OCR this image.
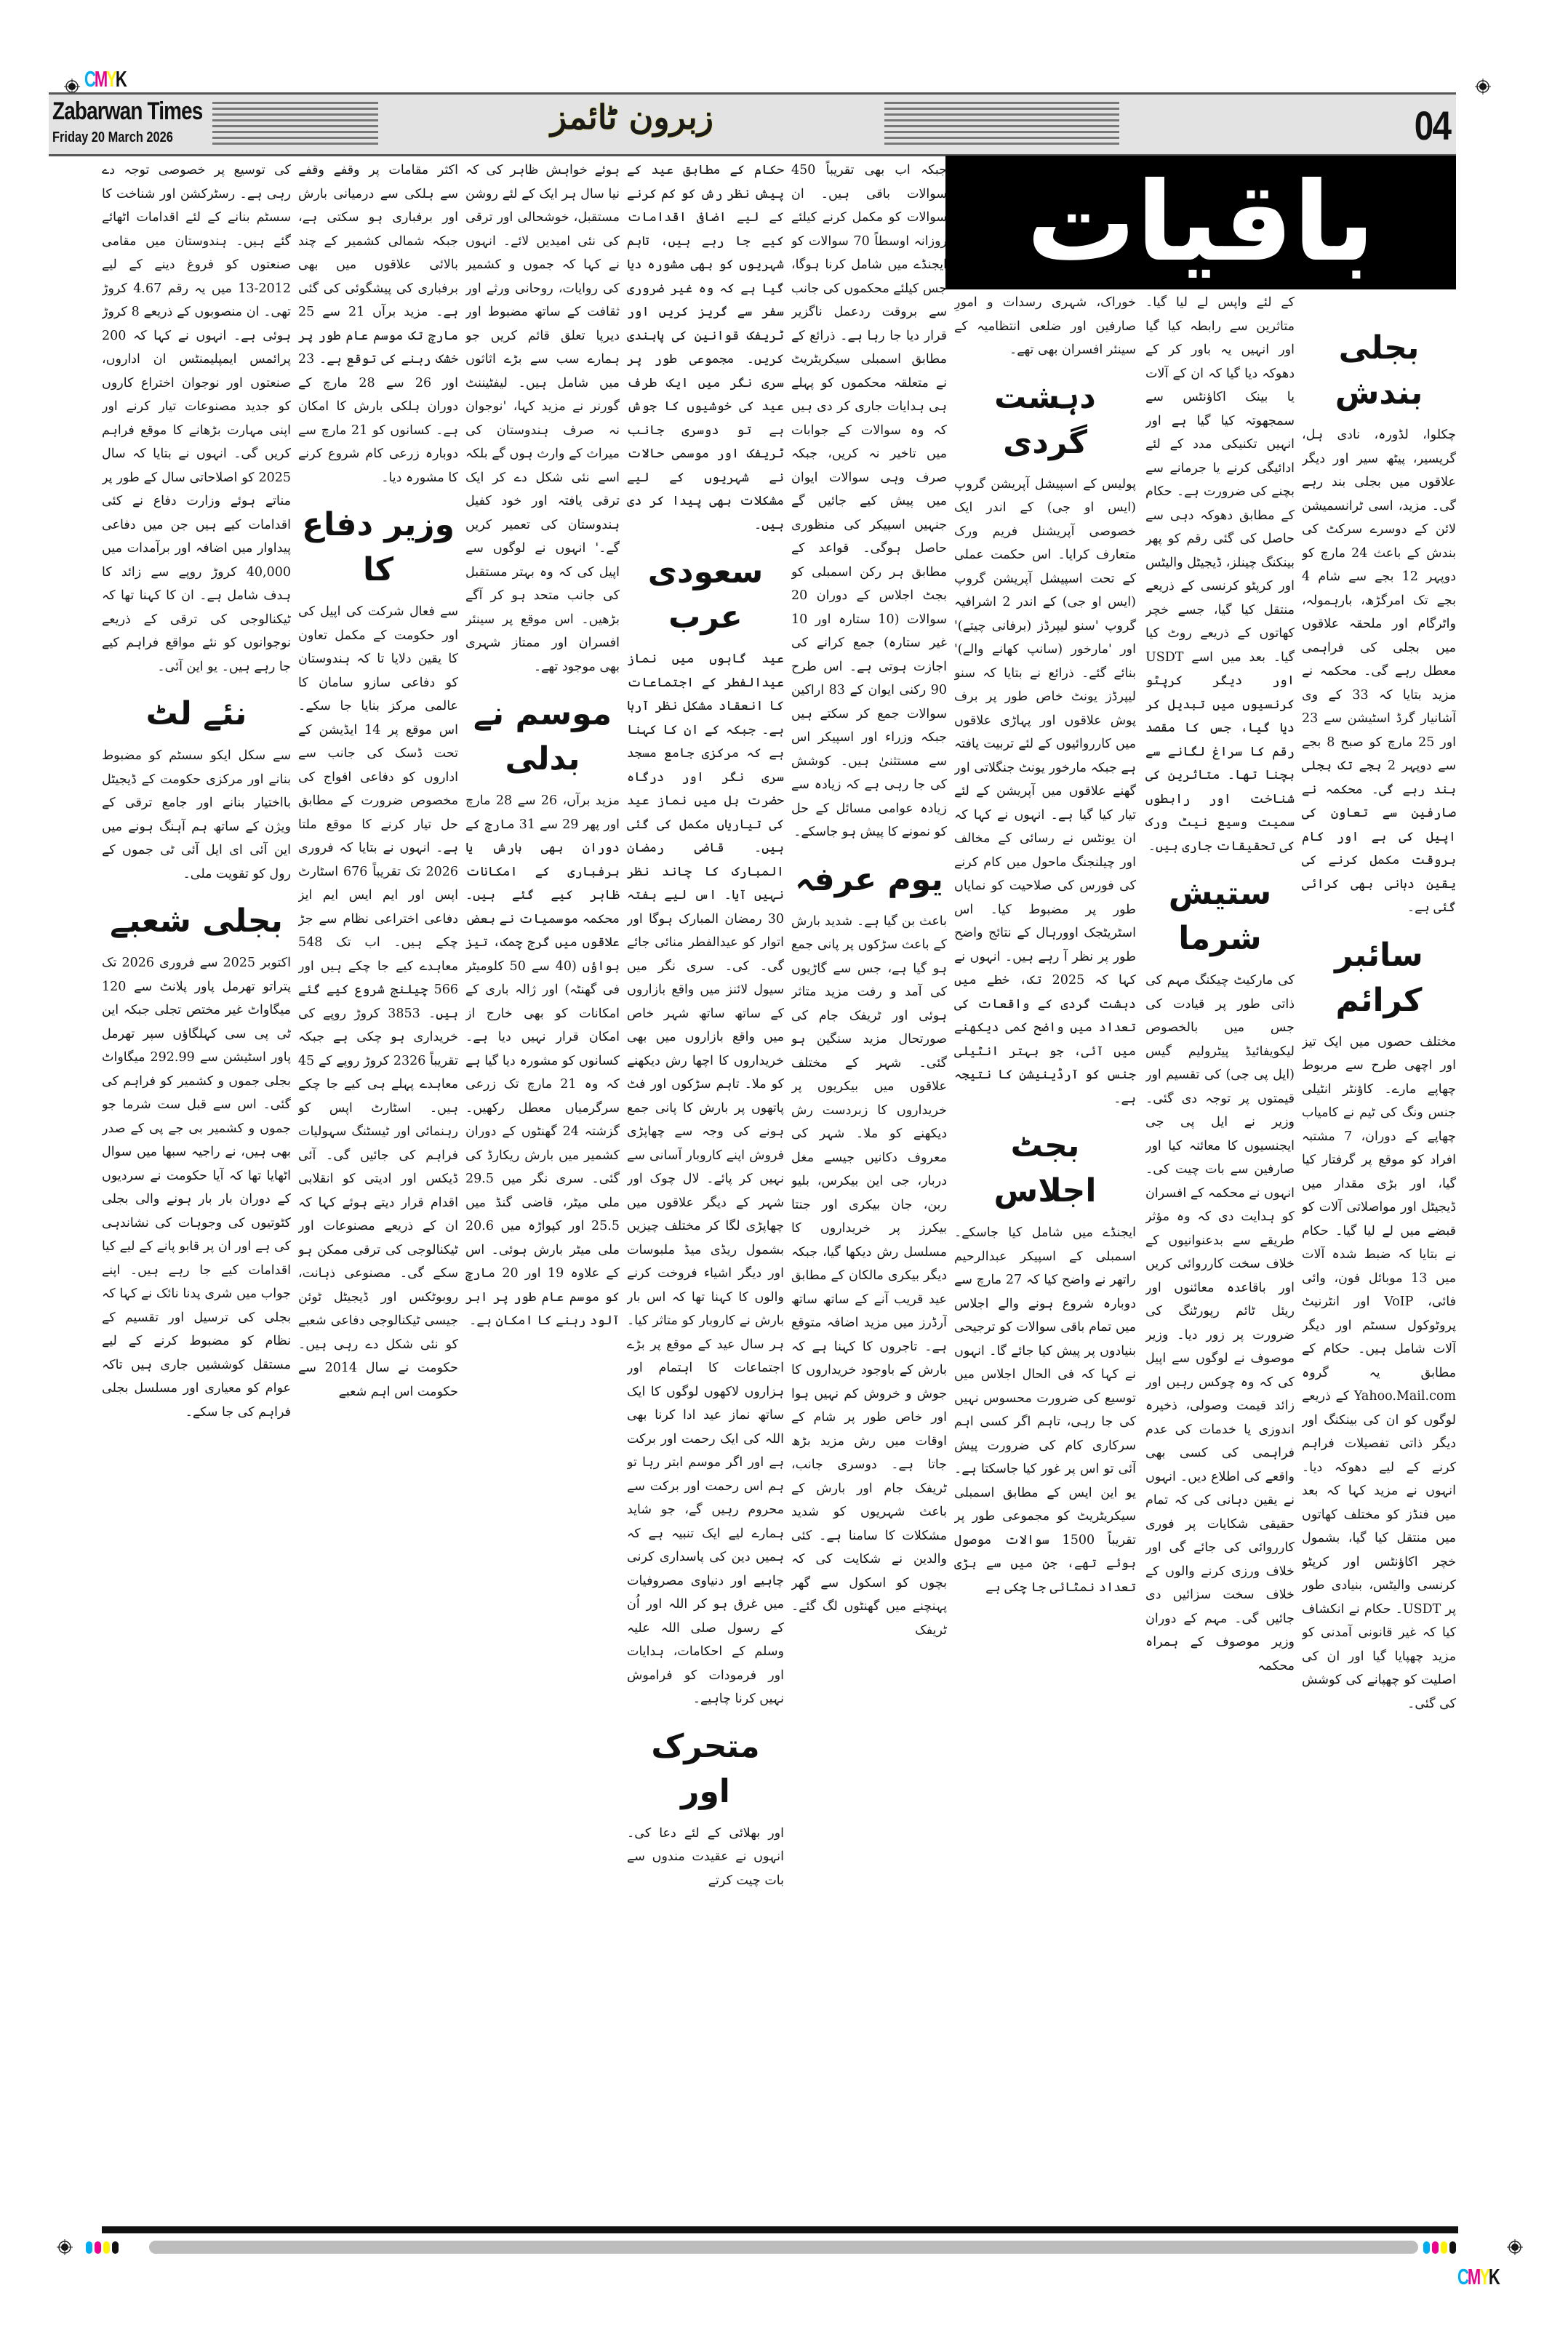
CMYK
Zabarwan Times
Friday 20 March 2026
زبرون ٹائمز	04
باقیات
بجلی بندش

چکلوا، لڈورہ، نادی ہل، گریسیر، پیٹھ سیر اور دیگر علاقوں میں بجلی بند رہے گی۔ مزید، اسی ٹرانسمیشن لائن کے دوسرے سرکٹ کی بندش کے باعث 24 مارچ کو دوپہر 12 بجے سے شام 4 بجے تک امرگڑھ، بارہمولہ، واٹرگام اور ملحقہ علاقوں میں بجلی کی فراہمی معطل رہے گی۔ محکمہ نے مزید بتایا کہ 33 کے وی آشانیار گرڈ اسٹیشن سے 23 اور 25 مارچ کو صبح 8 بجے سے دوپہر 2 بجے تک بجلی بند رہے گی۔ محکمہ نے صارفین سے تعاون کی اپیل کی ہے اور کام بروقت مکمل کرنے کی یقین دہانی بھی کرائی گئی ہے۔

سائبر کرائم

مختلف حصوں میں ایک تیز اور اچھی طرح سے مربوط چھاپے مارے۔ کاؤنٹر انٹیلی جنس ونگ کی ٹیم نے کامیاب چھاپے کے دوران، 7 مشتبہ افراد کو موقع پر گرفتار کیا گیا، اور بڑی مقدار میں ڈیجیٹل اور مواصلاتی آلات کو قبضے میں لے لیا گیا۔ حکام نے بتایا کہ ضبط شدہ آلات میں 13 موبائل فون، وائی فائی، VoIP اور انٹرنیٹ پروٹوکول سسٹم اور دیگر آلات شامل ہیں۔ حکام کے مطابق یہ گروہ Yahoo.Mail.com کے ذریعے لوگوں کو ان کی بینکنگ اور دیگر ذاتی تفصیلات فراہم کرنے کے لیے دھوکہ دیا۔ انہوں نے مزید کہا کہ بعد میں فنڈز کو مختلف کھاتوں میں منتقل کیا گیا، بشمول خچر اکاؤنٹس اور کرپٹو کرنسی والیٹس، بنیادی طور پر USDT۔ حکام نے انکشاف کیا کہ غیر قانونی آمدنی کو مزید چھپایا گیا اور ان کی اصلیت کو چھپانے کی کوشش کی گئی۔

کے لئے واپس لے لیا گیا۔ متاثرین سے رابطہ کیا گیا اور انہیں یہ باور کر کے دھوکہ دیا گیا کہ ان کے آلات یا بینک اکاؤنٹس سے سمجھوتہ کیا گیا ہے اور انہیں تکنیکی مدد کے لئے ادائیگی کرنے یا جرمانے سے بچنے کی ضرورت ہے۔ حکام کے مطابق دھوکہ دہی سے حاصل کی گئی رقم کو پھر بینکنگ چینلز، ڈیجیٹل والیٹس اور کرپٹو کرنسی کے ذریعے منتقل کیا گیا، جسے خچر کھاتوں کے ذریعے روٹ کیا گیا۔ بعد میں اسے USDT اور دیگر کرپٹو کرنسیوں میں تبدیل کر دیا گیا، جس کا مقصد رقم کا سراغ لگانے سے بچنا تھا۔ متاثرین کی شناخت اور رابطوں سمیت وسیع نیٹ ورک کی تحقیقات جاری ہیں۔

ستیش شرما

کی مارکیٹ چیکنگ مہم کی ذاتی طور پر قیادت کی جس میں بالخصوص لیکویفائیڈ پیٹرولیم گیس (ایل پی جی) کی تقسیم اور قیمتوں پر توجہ دی گئی۔ وزیر نے ایل پی جی ایجنسیوں کا معائنہ کیا اور صارفین سے بات چیت کی۔ انہوں نے محکمہ کے افسران کو ہدایت دی کہ وہ مؤثر طریقے سے بدعنوانیوں کے خلاف سخت کارروائی کریں اور باقاعدہ معائنوں اور ریئل ٹائم رپورٹنگ کی ضرورت پر زور دیا۔ وزیر موصوف نے لوگوں سے اپیل کی کہ وہ چوکس رہیں اور زائد قیمت وصولی، ذخیرہ اندوزی یا خدمات کی عدم فراہمی کی کسی بھی واقعے کی اطلاع دیں۔ انہوں نے یقین دہانی کی کہ تمام حقیقی شکایات پر فوری کارروائی کی جائے گی اور خلاف ورزی کرنے والوں کے خلاف سخت سزائیں دی جائیں گی۔ مہم کے دوران وزیر موصوف کے ہمراہ محکمہ

خوراک، شہری رسدات و امورِ صارفین اور ضلعی انتظامیہ کے سینئر افسران بھی تھے۔

دہشت گردی

پولیس کے اسپیشل آپریشن گروپ (ایس او جی) کے اندر ایک خصوصی آپریشنل فریم ورک متعارف کرایا۔ اس حکمت عملی کے تحت اسپیشل آپریشن گروپ (ایس او جی) کے اندر 2 اشرافیہ گروپ 'سنو لیپرڈز (برفانی چیتے)' اور 'مارخور (سانپ کھانے والے)' بنائے گئے۔ ذرائع نے بتایا کہ سنو لیپرڈز یونٹ خاص طور پر برف پوش علاقوں اور پہاڑی علاقوں میں کارروائیوں کے لئے تربیت یافتہ ہے جبکہ مارخور یونٹ جنگلاتی اور گھنے علاقوں میں آپریشن کے لئے تیار کیا گیا ہے۔ انہوں نے کہا کہ ان یونٹس نے رسائی کے مخالف اور چیلنجنگ ماحول میں کام کرنے کی فورس کی صلاحیت کو نمایاں طور پر مضبوط کیا۔ اس اسٹریٹجک اوورہال کے نتائج واضح طور پر نظر آ رہے ہیں۔ انہوں نے کہا کہ 2025 تک، خطے میں دہشت گردی کے واقعات کی تعداد میں واضح کمی دیکھنے میں آئی، جو بہتر انٹیلی جنس کو آرڈینیشن کا نتیجہ ہے۔

بجٹ اجلاس

ایجنڈے میں شامل کیا جاسکے۔ اسمبلی کے اسپیکر عبدالرحیم راتھر نے واضح کیا کہ 27 مارچ سے دوبارہ شروع ہونے والے اجلاس میں تمام باقی سوالات کو ترجیحی بنیادوں پر پیش کیا جائے گا۔ انہوں نے کہا کہ فی الحال اجلاس میں توسیع کی ضرورت محسوس نہیں کی جا رہی، تاہم اگر کسی اہم سرکاری کام کی ضرورت پیش آئی تو اس پر غور کیا جاسکتا ہے۔ یو این ایس کے مطابق اسمبلی سیکریٹریٹ کو مجموعی طور پر تقریباً 1500 سوالات موصول ہوئے تھے، جن میں سے بڑی تعداد نمٹائی جا چکی ہے

جبکہ اب بھی تقریباً 450 سوالات باقی ہیں۔ ان سوالات کو مکمل کرنے کیلئے روزانہ اوسطاً 70 سوالات کو ایجنڈے میں شامل کرنا ہوگا، جس کیلئے محکموں کی جانب سے بروقت ردعمل ناگزیر قرار دیا جا رہا ہے۔ ذرائع کے مطابق اسمبلی سیکریٹریٹ نے متعلقہ محکموں کو پہلے ہی ہدایات جاری کر دی ہیں کہ وہ سوالات کے جوابات میں تاخیر نہ کریں، جبکہ صرف وہی سوالات ایوان میں پیش کیے جائیں گے جنہیں اسپیکر کی منظوری حاصل ہوگی۔ قواعد کے مطابق ہر رکن اسمبلی کو بجٹ اجلاس کے دوران 20 سوالات (10 ستارہ اور 10 غیر ستارہ) جمع کرانے کی اجازت ہوتی ہے۔ اس طرح 90 رکنی ایوان کے 83 اراکین سوالات جمع کر سکتے ہیں جبکہ وزراء اور اسپیکر اس سے مستثنیٰ ہیں۔ کوشش کی جا رہی ہے کہ زیادہ سے زیادہ عوامی مسائل کے حل کو نمونے کا پیش ہو جاسکے۔

یوم عرفہ

باعث بن گیا ہے۔ شدید بارش کے باعث سڑکوں پر پانی جمع ہو گیا ہے، جس سے گاڑیوں کی آمد و رفت مزید متاثر ہوئی اور ٹریفک جام کی صورتحال مزید سنگین ہو گئی۔ شہر کے مختلف علاقوں میں بیکریوں پر خریداروں کا زبردست رش دیکھنے کو ملا۔ شہر کی معروف دکانیں جیسے مغل دربار، جی این بیکرس، بلیو ربن، جان بیکری اور جنتا بیکرز پر خریداروں کا مسلسل رش دیکھا گیا، جبکہ دیگر بیکری مالکان کے مطابق عید قریب آنے کے ساتھ ساتھ آرڈرز میں مزید اضافہ متوقع ہے۔ تاجروں کا کہنا ہے کہ بارش کے باوجود خریداروں کا جوش و خروش کم نہیں ہوا اور خاص طور پر شام کے اوقات میں رش مزید بڑھ جاتا ہے۔ دوسری جانب، ٹریفک جام اور بارش کے باعث شہریوں کو شدید مشکلات کا سامنا ہے۔ کئی والدین نے شکایت کی کہ بچوں کو اسکول سے گھر پہنچنے میں گھنٹوں لگ گئے۔ ٹریفک

حکام کے مطابق عید کے پیش نظر رش کو کم کرنے کے لیے اضافی اقدامات کیے جا رہے ہیں، تاہم شہریوں کو بھی مشورہ دیا گیا ہے کہ وہ غیر ضروری سفر سے گریز کریں اور ٹریفک قوانین کی پابندی کریں۔ مجموعی طور پر سری نگر میں ایک طرف عید کی خوشیوں کا جوش ہے تو دوسری جانب ٹریفک اور موسمی حالات نے شہریوں کے لیے مشکلات بھی پیدا کر دی ہیں۔

سعودی عرب

عید گاہوں میں نماز عیدالفطر کے اجتماعات کا انعقاد مشکل نظر آرہا ہے۔ جبکہ کے ان کا کہنا ہے کہ مرکزی جامع مسجد سری نگر اور درگاہ حضرت بل میں نماز عید کی تیاریاں مکمل کی گئی ہیں۔ قاضی رمضان المبارک کا چاند نظر نہیں آیا۔ اس لیے ہفتہ 30 رمضان المبارک ہوگا اور اتوار کو عیدالفطر منائی جائے گی۔ کی۔ سری نگر میں سیول لائنز میں واقع بازاروں کے ساتھ ساتھ شہر خاص میں واقع بازاروں میں بھی خریداروں کا اچھا رش دیکھنے کو ملا۔ تاہم سڑکوں اور فٹ پاتھوں پر بارش کا پانی جمع ہونے کی وجہ سے چھاپڑی فروش اپنے کاروبار آسانی سے نہیں کر پائے۔ لال چوک اور شہر کے دیگر علاقوں میں چھاپڑی لگا کر مختلف چیزیں بشمول ریڈی میڈ ملبوسات اور دیگر اشیاء فروخت کرنے والوں کا کہنا تھا کہ اس بار بارش نے کاروبار کو متاثر کیا۔ ہر سال عید کے موقع پر بڑے اجتماعات کا اہتمام اور ہزاروں لاکھوں لوگوں کا ایک ساتھ نماز عید ادا کرنا بھی اللہ کی ایک رحمت اور برکت ہے اور اگر موسم ابتر رہا تو ہم اس رحمت اور برکت سے محروم رہیں گے، جو شاید ہمارے لیے ایک تنبیہ ہے کہ ہمیں دین کی پاسداری کرنی چاہیے اور دنیاوی مصروفیات میں غرق ہو کر اللہ اور اُن کے رسول صلی اللہ علیہ وسلم کے احکامات، ہدایات اور فرمودات کو فراموش نہیں کرنا چاہیے۔

متحرک اور

اور بھلائی کے لئے دعا کی۔ انہوں نے عقیدت مندوں سے بات چیت کرتے

ہوئے خواہش ظاہر کی کہ نیا سال ہر ایک کے لئے روشن مستقبل، خوشحالی اور ترقی کی نئی امیدیں لائے۔ انہوں نے کہا کہ جموں و کشمیر کی روایات، روحانی ورثے اور ثقافت کے ساتھ مضبوط اور دیرپا تعلق قائم کریں جو ہمارے سب سے بڑے اثاثوں میں شامل ہیں۔ لیفٹیننٹ گورنر نے مزید کہا، 'نوجوان نہ صرف ہندوستان کی میراث کے وارث ہوں گے بلکہ اسے نئی شکل دے کر ایک ترقی یافتہ اور خود کفیل ہندوستان کی تعمیر کریں گے۔' انہوں نے لوگوں سے اپیل کی کہ وہ بہتر مستقبل کی جانب متحد ہو کر آگے بڑھیں۔ اس موقع پر سینئر افسران اور ممتاز شہری بھی موجود تھے۔

موسم نے بدلی

مزید برآں، 26 سے 28 مارچ اور پھر 29 سے 31 مارچ کے دوران بھی بارش یا برفباری کے امکانات ظاہر کیے گئے ہیں۔ محکمہ موسمیات نے بعض علاقوں میں گرج چمک، تیز ہواؤں (40 سے 50 کلومیٹر فی گھنٹہ) اور ژالہ باری کے امکانات کو بھی خارج از امکان قرار نہیں دیا ہے۔ کسانوں کو مشورہ دیا گیا ہے کہ وہ 21 مارچ تک زرعی سرگرمیاں معطل رکھیں۔ گزشتہ 24 گھنٹوں کے دوران کشمیر میں بارش ریکارڈ کی گئی۔ سری نگر میں 29.5 ملی میٹر، قاضی گنڈ میں 25.5 اور کپواڑہ میں 20.6 ملی میٹر بارش ہوئی۔ اس کے علاوہ 19 اور 20 مارچ کو موسم عام طور پر ابر آلود رہنے کا امکان ہے۔

اکثر مقامات پر وقفے وقفے سے ہلکی سے درمیانی بارش اور برفباری ہو سکتی ہے، جبکہ شمالی کشمیر کے چند بالائی علاقوں میں بھی برفباری کی پیشگوئی کی گئی ہے۔ مزید برآں 21 سے 25 مارچ تک موسم عام طور پر خشک رہنے کی توقع ہے۔ 23 اور 26 سے 28 مارچ کے دوران ہلکی بارش کا امکان ہے۔ کسانوں کو 21 مارچ سے دوبارہ زرعی کام شروع کرنے کا مشورہ دیا۔

وزیر دفاع کا

سے فعال شرکت کی اپیل کی اور حکومت کے مکمل تعاون کا یقین دلایا تا کہ ہندوستان کو دفاعی سازو سامان کا عالمی مرکز بنایا جا سکے۔ اس موقع پر 14 ایڈیشن کے تحت ڈسک کی جانب سے اداروں کو دفاعی افواج کی مخصوص ضرورت کے مطابق حل تیار کرنے کا موقع ملتا ہے۔ انہوں نے بتایا کہ فروری 2026 تک تقریباً 676 اسٹارٹ اپس اور ایم ایس ایم ایز دفاعی اختراعی نظام سے جڑ چکے ہیں۔ اب تک 548 معاہدے کیے جا چکے ہیں اور 566 چیلنج شروع کیے گئے ہیں۔ 3853 کروڑ روپے کی خریداری ہو چکی ہے جبکہ تقریباً 2326 کروڑ روپے کے 45 معاہدے پہلے ہی کیے جا چکے ہیں۔ اسٹارٹ اپس کو رہنمائی اور ٹیسٹنگ سہولیات فراہم کی جائیں گی۔ آئی ڈیکس اور ادیتی کو انقلابی اقدام قرار دیتے ہوئے کہا کہ ان کے ذریعے مصنوعات اور ٹیکنالوجی کی ترقی ممکن ہو سکے گی۔ مصنوعی ذہانت، روبوٹکس اور ڈیجیٹل ٹوئن جیسی ٹیکنالوجی دفاعی شعبے کو نئی شکل دے رہی ہیں۔ حکومت نے سال 2014 سے حکومت اس اہم شعبے

کی توسیع پر خصوصی توجہ دے رہی ہے۔ رسٹرکشن اور شناخت کا سسٹم بنانے کے لئے اقدامات اٹھائے گئے ہیں۔ ہندوستان میں مقامی صنعتوں کو فروغ دینے کے لیے 2012-13 میں یہ رقم 4.67 کروڑ تھی۔ ان منصوبوں کے ذریعے 8 کروڑ ہوئی ہے۔ انہوں نے کہا کہ 200 پرائمس ایمپلیمنٹس ان اداروں، صنعتوں اور نوجوان اختراع کاروں کو جدید مصنوعات تیار کرنے اور اپنی مہارت بڑھانے کا موقع فراہم کریں گی۔ انہوں نے بتایا کہ سال 2025 کو اصلاحاتی سال کے طور پر مناتے ہوئے وزارت دفاع نے کئی اقدامات کیے ہیں جن میں دفاعی پیداوار میں اضافہ اور برآمدات میں 40,000 کروڑ روپے سے زائد کا ہدف شامل ہے۔ ان کا کہنا تھا کہ ٹیکنالوجی کی ترقی کے ذریعے نوجوانوں کو نئے مواقع فراہم کیے جا رہے ہیں۔ یو این آئی۔

نئے لٹ

سے سکل ایکو سسٹم کو مضبوط بنانے اور مرکزی حکومت کے ڈیجیٹل بااختیار بنانے اور جامع ترقی کے ویژن کے ساتھ ہم آہنگ ہونے میں این آئی ای ایل آئی ٹی جموں کے رول کو تقویت ملی۔

بجلی شعبے

اکتوبر 2025 سے فروری 2026 تک پتراتو تھرمل پاور پلانٹ سے 120 میگاواٹ غیر مختص تجلی جبکہ این ٹی پی سی کہلگاؤں سپر تھرمل پاور اسٹیشن سے 292.99 میگاواٹ بجلی جموں و کشمیر کو فراہم کی گئی۔ اس سے قبل ست شرما جو جموں و کشمیر بی جے پی کے صدر بھی ہیں، نے راجیہ سبھا میں سوال اٹھایا تھا کہ آیا حکومت نے سردیوں کے دوران بار بار ہونے والی بجلی کٹوتیوں کی وجوہات کی نشاندہی کی ہے اور ان پر قابو پانے کے لیے کیا اقدامات کیے جا رہے ہیں۔ اپنے جواب میں شری پدنا نائک نے کہا کہ بجلی کی ترسیل اور تقسیم کے نظام کو مضبوط کرنے کے لیے مستقل کوششیں جاری ہیں تاکہ عوام کو معیاری اور مسلسل بجلی فراہم کی جا سکے۔

CMYK
